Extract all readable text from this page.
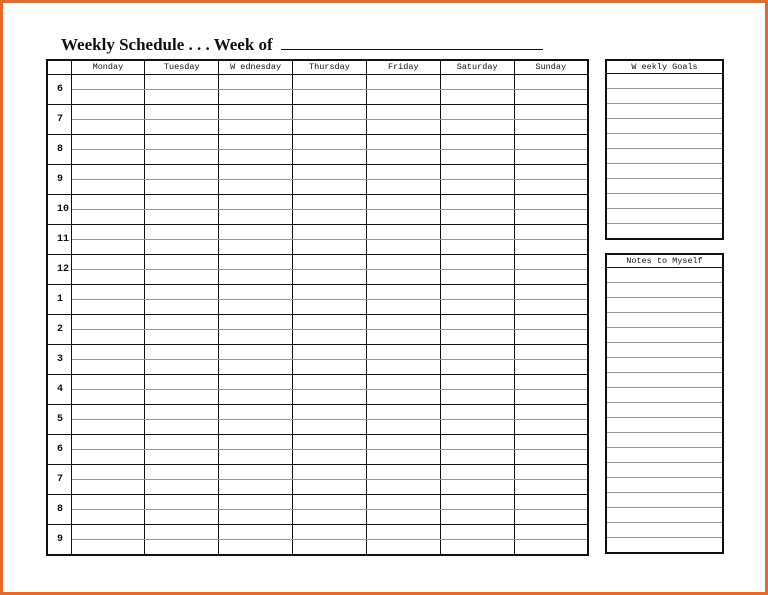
Weekly Schedule . . . Week of
	Monday	Tuesday	W ednesday	Thursday	Friday	Saturday	Sunday
6							

7							

8							

9							

10							

11							

12							

1							

2							

3							

4							

5							

6							

7							

8							

9							

W eekly Goals

Notes to Myself
